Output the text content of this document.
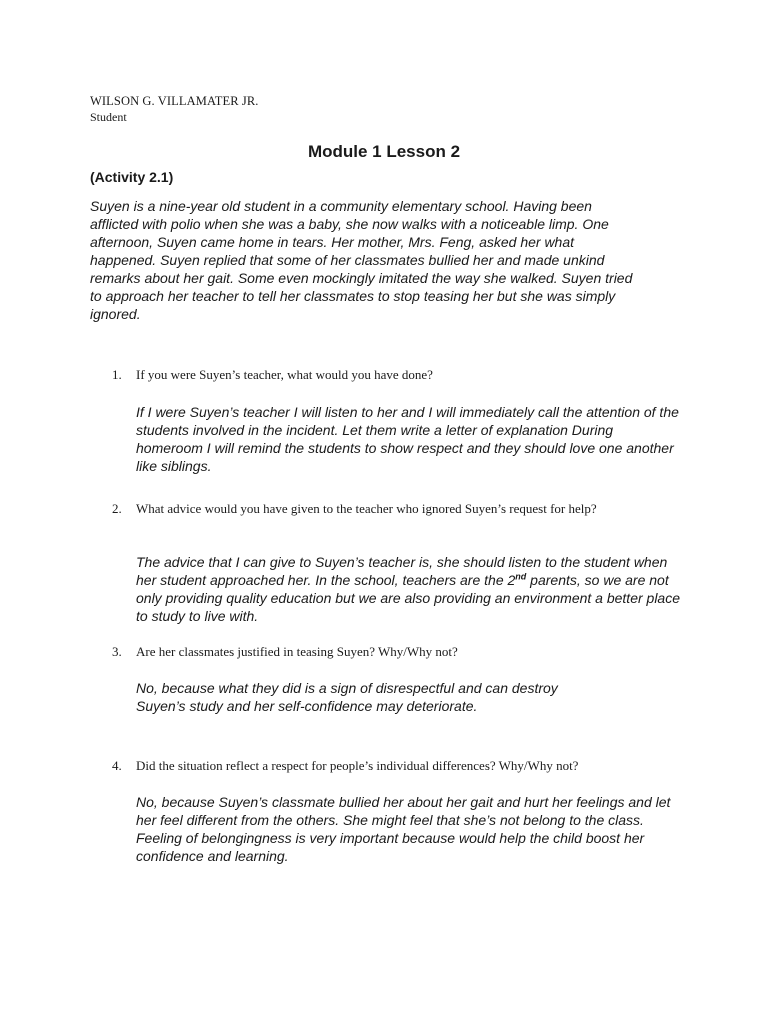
WILSON G. VILLAMATER JR.
Student
Module 1 Lesson 2
(Activity 2.1)
Suyen is a nine-year old student in a community elementary school. Having been afflicted with polio when she was a baby, she now walks with a noticeable limp. One afternoon, Suyen came home in tears. Her mother, Mrs. Feng, asked her what happened. Suyen replied that some of her classmates bullied her and made unkind remarks about her gait. Some even mockingly imitated the way she walked. Suyen tried to approach her teacher to tell her classmates to stop teasing her but she was simply ignored.
1. If you were Suyen’s teacher, what would you have done?
If I were Suyen’s teacher I will listen to her and I will immediately call the attention of the students involved in the incident. Let them write a letter of explanation During homeroom I will remind the students to show respect and they should love one another like siblings.
2. What advice would you have given to the teacher who ignored Suyen’s request for help?
The advice that I can give to Suyen’s teacher is, she should listen to the student when her student approached her. In the school, teachers are the 2nd parents, so we are not only providing quality education but we are also providing an environment a better place to study to live with.
3. Are her classmates justified in teasing Suyen? Why/Why not?
No, because what they did is a sign of disrespectful and can destroy Suyen’s study and her self-confidence may deteriorate.
4. Did the situation reflect a respect for people’s individual differences? Why/Why not?
No, because Suyen’s classmate bullied her about her gait and hurt her feelings and let her feel different from the others. She might feel that she’s not belong to the class. Feeling of belongingness is very important because would help the child boost her confidence and learning.
